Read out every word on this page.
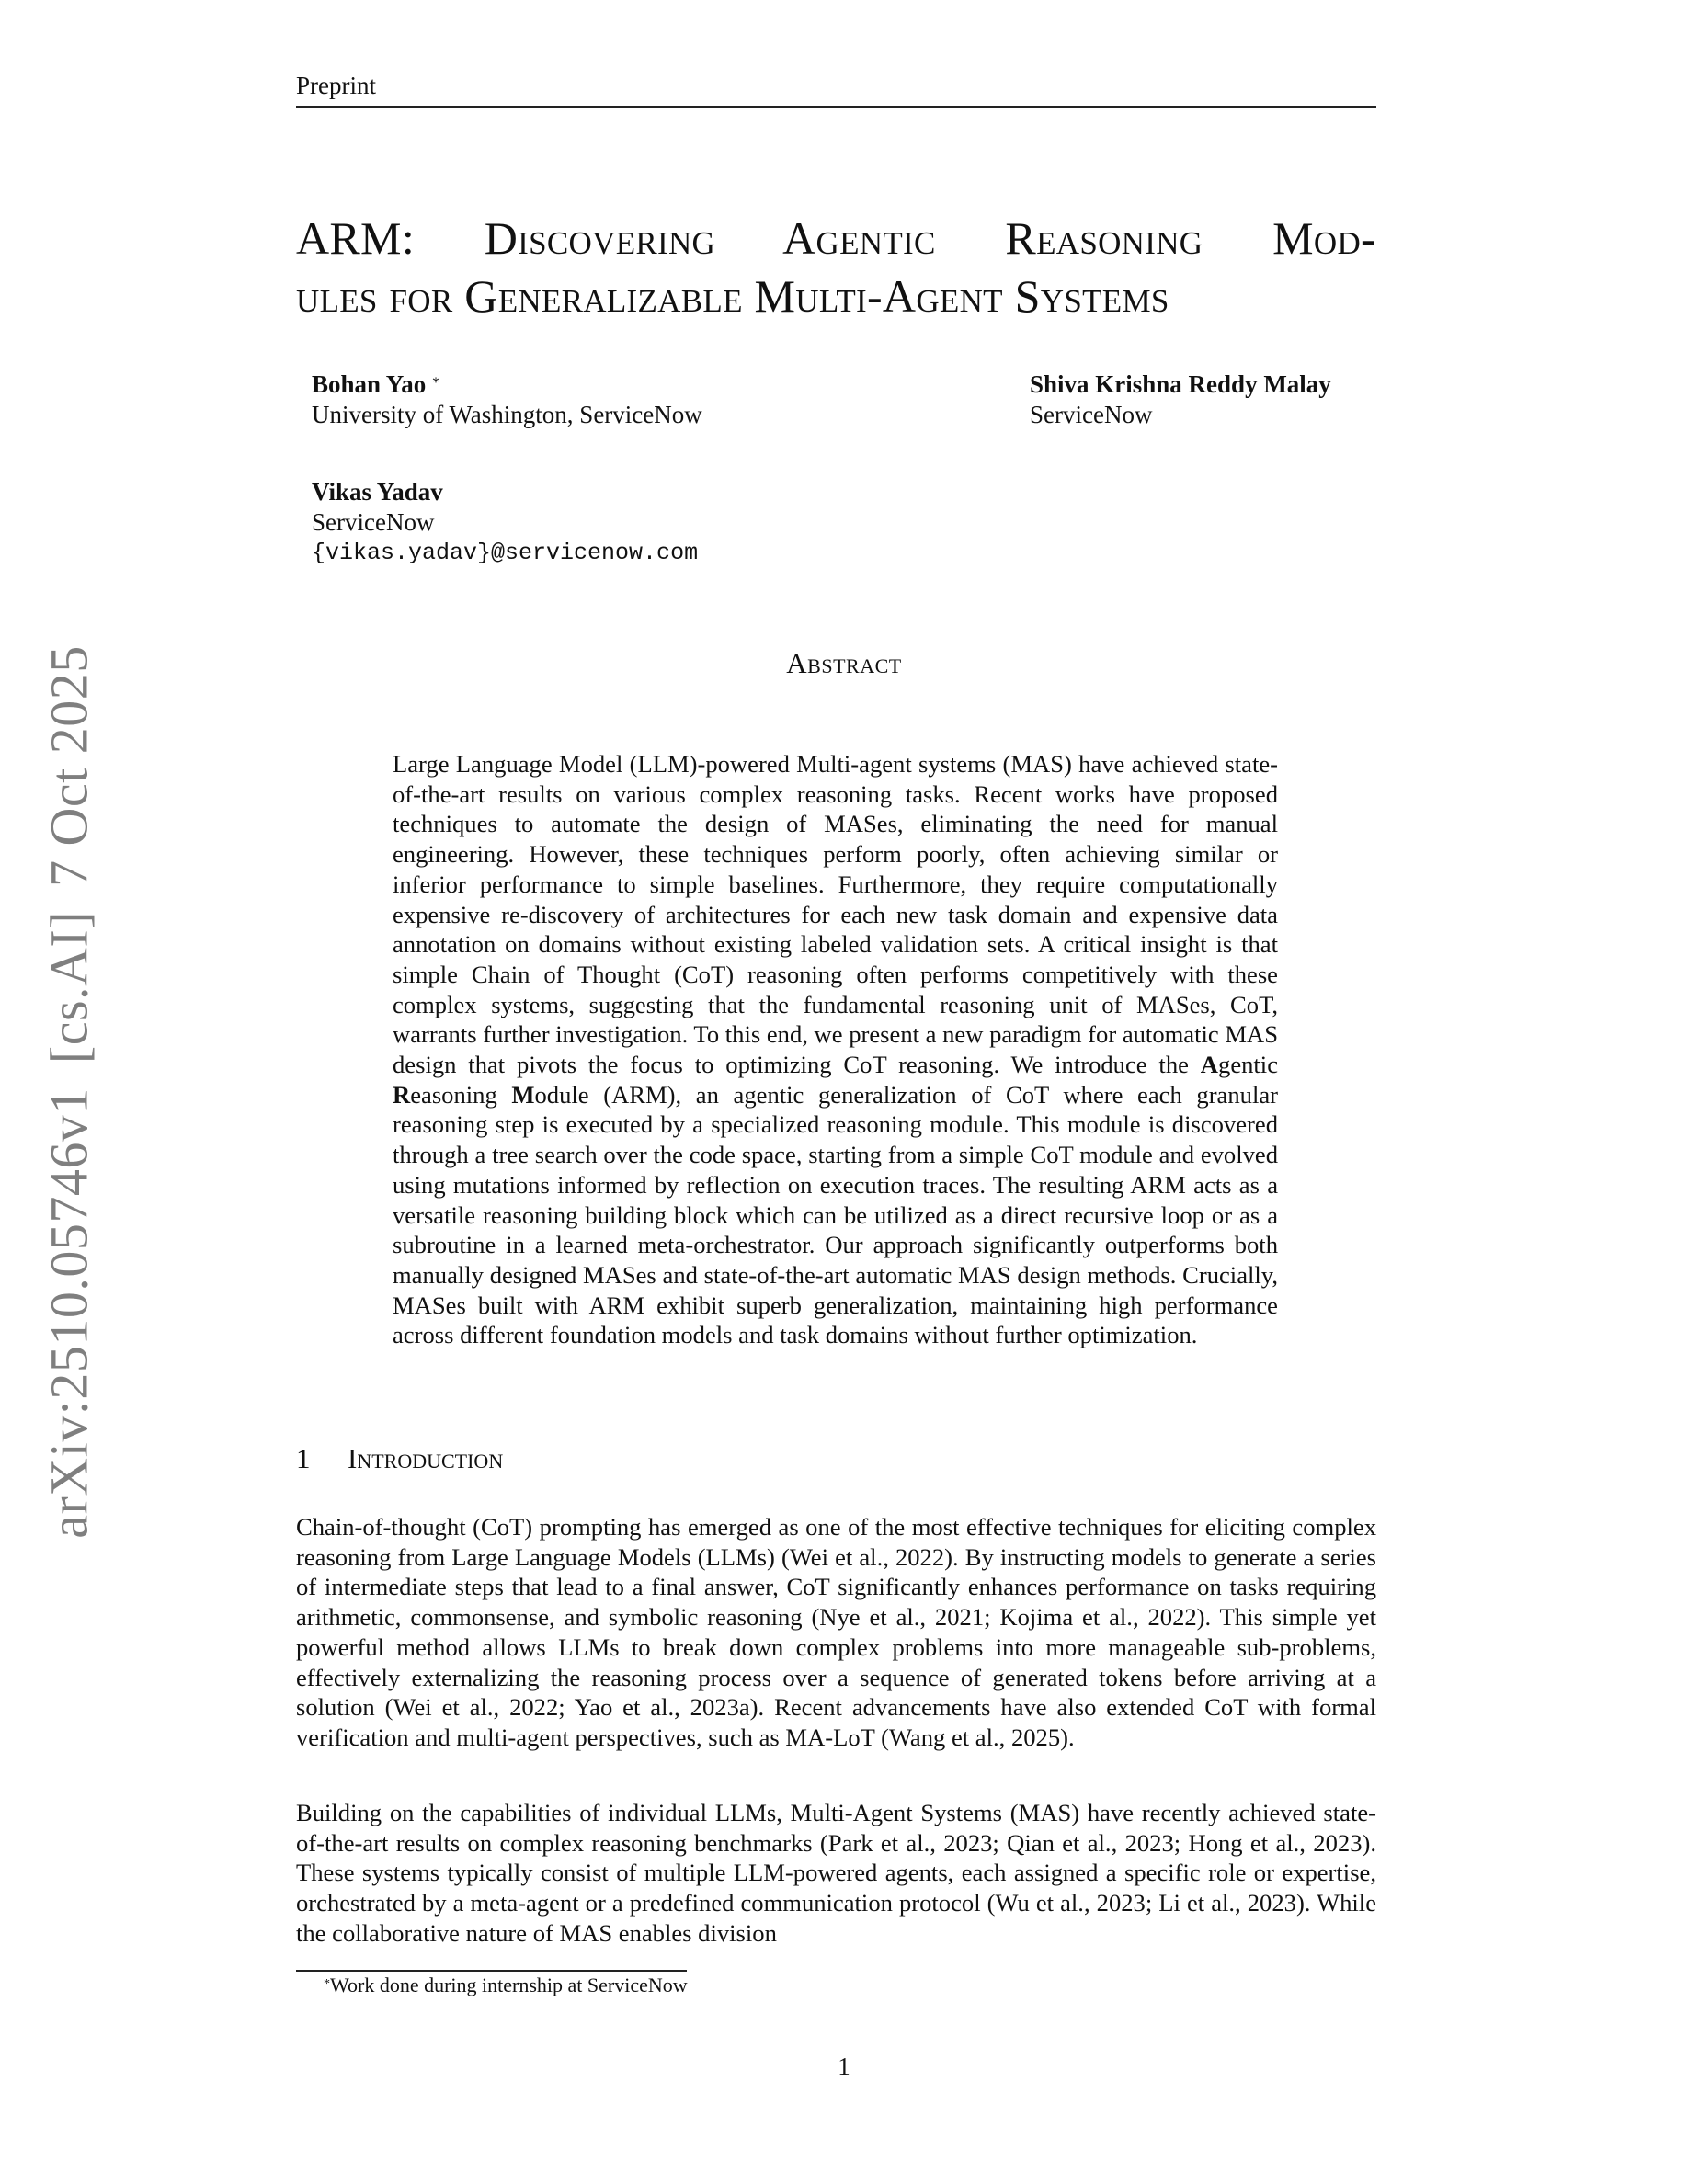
Preprint
arXiv:2510.05746v1[cs.AI]7 Oct 2025
ARM: Discovering Agentic Reasoning Mod-
ules for Generalizable Multi-Agent Systems
Bohan Yao *
University of Washington, ServiceNow
Shiva Krishna Reddy Malay
ServiceNow
Vikas Yadav
ServiceNow
{vikas.yadav}@servicenow.com
Abstract
Large Language Model (LLM)-powered Multi-agent systems (MAS) have achieved state-of-the-art results on various complex reasoning tasks. Recent works have proposed techniques to automate the design of MASes, eliminating the need for manual engineering. However, these techniques perform poorly, often achieving similar or inferior performance to simple baselines. Furthermore, they require computationally expensive re-discovery of architectures for each new task domain and expensive data annotation on domains without existing labeled validation sets. A critical insight is that simple Chain of Thought (CoT) reasoning often performs competitively with these complex systems, suggesting that the fundamental reasoning unit of MASes, CoT, warrants further investigation. To this end, we present a new paradigm for automatic MAS design that pivots the focus to optimizing CoT reasoning. We introduce the Agentic Reasoning Module (ARM), an agentic generalization of CoT where each granular reasoning step is executed by a specialized reasoning module. This module is discovered through a tree search over the code space, starting from a simple CoT module and evolved using mutations informed by reflection on execution traces. The resulting ARM acts as a versatile reasoning building block which can be utilized as a direct recursive loop or as a subroutine in a learned meta-orchestrator. Our approach significantly outperforms both manually designed MASes and state-of-the-art automatic MAS design methods. Crucially, MASes built with ARM exhibit superb generalization, maintaining high performance across different foundation models and task domains without further optimization.
1 Introduction
Chain-of-thought (CoT) prompting has emerged as one of the most effective techniques for eliciting complex reasoning from Large Language Models (LLMs) (Wei et al., 2022). By instructing models to generate a series of intermediate steps that lead to a final answer, CoT significantly enhances performance on tasks requiring arithmetic, commonsense, and symbolic reasoning (Nye et al., 2021; Kojima et al., 2022). This simple yet powerful method allows LLMs to break down complex problems into more manageable sub-problems, effectively externalizing the reasoning process over a sequence of generated tokens before arriving at a solution (Wei et al., 2022; Yao et al., 2023a). Recent advancements have also extended CoT with formal verification and multi-agent perspectives, such as MA-LoT (Wang et al., 2025).
Building on the capabilities of individual LLMs, Multi-Agent Systems (MAS) have recently achieved state-of-the-art results on complex reasoning benchmarks (Park et al., 2023; Qian et al., 2023; Hong et al., 2023). These systems typically consist of multiple LLM-powered agents, each assigned a specific role or expertise, orchestrated by a meta-agent or a predefined communication protocol (Wu et al., 2023; Li et al., 2023). While the collaborative nature of MAS enables division
*Work done during internship at ServiceNow
1
